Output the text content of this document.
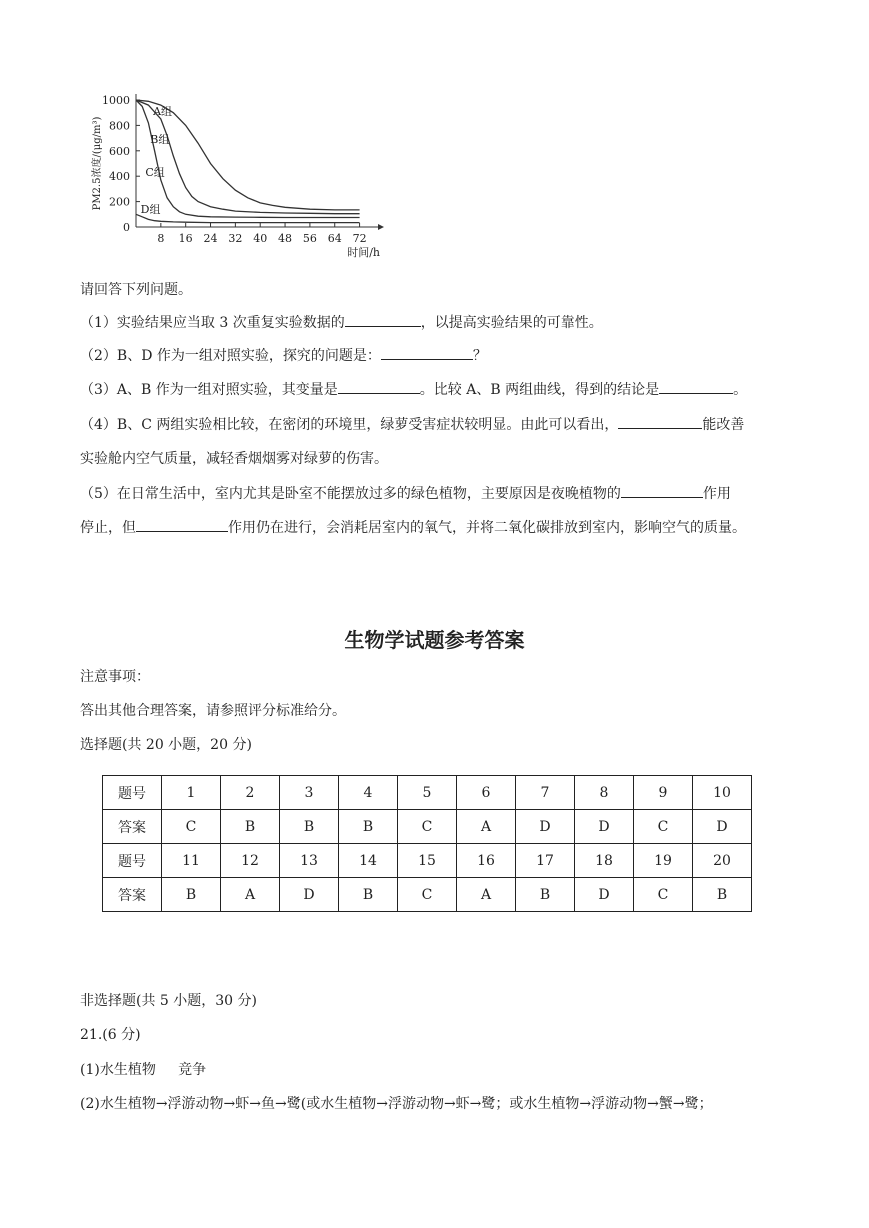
0
200
400
600
800
1000
8 16 24 32 40 48 56 64 72
时间/h
PM2.5浓度/(μg/m³)
A组
B组
C组
D组
请回答下列问题。
（1）实验结果应当取 3 次重复实验数据的	，以提高实验结果的可靠性。
（2）B、D 作为一组对照实验，探究的问题是：	？
（3）A、B 作为一组对照实验，其变量是	。比较 A、B 两组曲线，得到的结论是	。
（4）B、C 两组实验相比较，在密闭的环境里，绿萝受害症状较明显。由此可以看出，	能改善
实验舱内空气质量，减轻香烟烟雾对绿萝的伤害。
（5）在日常生活中，室内尤其是卧室不能摆放过多的绿色植物，主要原因是夜晚植物的	作用
停止，但	作用仍在进行，会消耗居室内的氧气，并将二氧化碳排放到室内，影响空气的质量。
生物学试题参考答案
注意事项：
答出其他合理答案，请参照评分标准给分。
选择题(共 20 小题，20 分)
题号	1	2	3	4	5	6	7	8	9	10
答案	C	B	B	B	C	A	D	D	C	D
题号	11	12	13	14	15	16	17	18	19	20
答案	B	A	D	B	C	A	B	D	C	B
非选择题(共 5 小题，30 分)
21.(6 分)
(1)水生植物     竞争
(2)水生植物→浮游动物→虾→鱼→鹭(或水生植物→浮游动物→虾→鹭；或水生植物→浮游动物→蟹→鹭；
